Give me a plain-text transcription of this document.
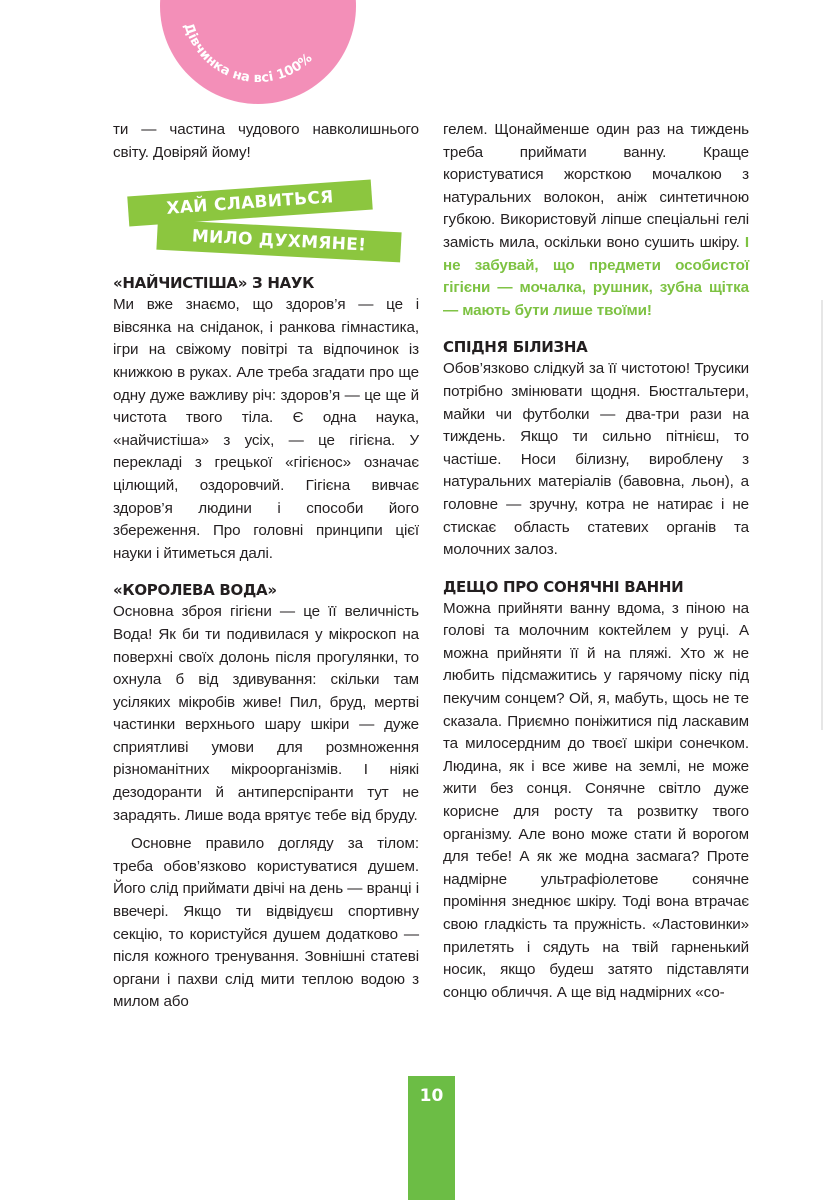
Дівчинка на всі 100%

ти — частина чудового навколишнього світу. Довіряй йому!

ХАЙ СЛАВИТЬСЯ
МИЛО ДУХМЯНЕ!
«НАЙЧИСТІША» З НАУК

Ми вже знаємо, що здоров’я — це і вівсянка на сніданок, і ранкова гімнастика, ігри на свіжому повітрі та відпочинок із книжкою в руках. Але треба згадати про ще одну дуже важливу річ: здоров’я — це ще й чистота твого тіла. Є одна наука, «найчистіша» з усіх, — це гігієна. У перекладі з грецької «гігієнос» означає цілющий, оздоровчий. Гігієна вивчає здоров’я людини і способи його збереження. Про головні принципи цієї науки і йтиметься далі.

«КОРОЛЕВА ВОДА»

Основна зброя гігієни — це її величність Вода! Як би ти подивилася у мікроскоп на поверхні своїх долонь після прогулянки, то охнула б від здивування: скільки там усіляких мікробів живе! Пил, бруд, мертві частинки верхнього шару шкіри — дуже сприятливі умови для розмноження різноманітних мікроорганізмів. І ніякі дезодоранти й антиперспіранти тут не зарадять. Лише вода врятує тебе від бруду.

Основне правило догляду за тілом: треба обов’язково користуватися душем. Його слід приймати двічі на день — вранці і ввечері. Якщо ти відвідуєш спортивну секцію, то користуйся душем додатково — після кожного тренування. Зовнішні статеві органи і пахви слід мити теплою водою з милом або

гелем. Щонайменше один раз на тиждень треба приймати ванну. Краще користуватися жорсткою мочалкою з натуральних волокон, аніж синтетичною губкою. Використовуй ліпше спеціальні гелі замість мила, оскільки воно сушить шкіру. І не забувай, що предмети особистої гігієни — мочалка, рушник, зубна щітка — мають бути лише твоїми!

СПІДНЯ БІЛИЗНА

Обов’язково слідкуй за її чистотою! Трусики потрібно змінювати щодня. Бюстгальтери, майки чи футболки — два-три рази на тиждень. Якщо ти сильно пітнієш, то частіше. Носи білизну, вироблену з натуральних матеріалів (бавовна, льон), а головне — зручну, котра не натирає і не стискає область статевих органів та молочних залоз.

ДЕЩО ПРО СОНЯЧНІ ВАННИ

Можна прийняти ванну вдома, з піною на голові та молочним коктейлем у руці. А можна прийняти її й на пляжі. Хто ж не любить підсмажитись у гарячому піску під пекучим сонцем? Ой, я, мабуть, щось не те сказала. Приємно поніжитися під ласкавим та милосердним до твоєї шкіри сонечком. Людина, як і все живе на землі, не може жити без сонця. Сонячне світло дуже корисне для росту та розвитку твого організму. Але воно може стати й ворогом для тебе! А як же модна засмага? Проте надмірне ультрафіолетове сонячне проміння знеднює шкіру. Тоді вона втрачає свою гладкість та пружність. «Ластовинки» прилетять і сядуть на твій гарненький носик, якщо будеш затято підставляти сонцю обличчя. А ще від надмірних «со-

10
